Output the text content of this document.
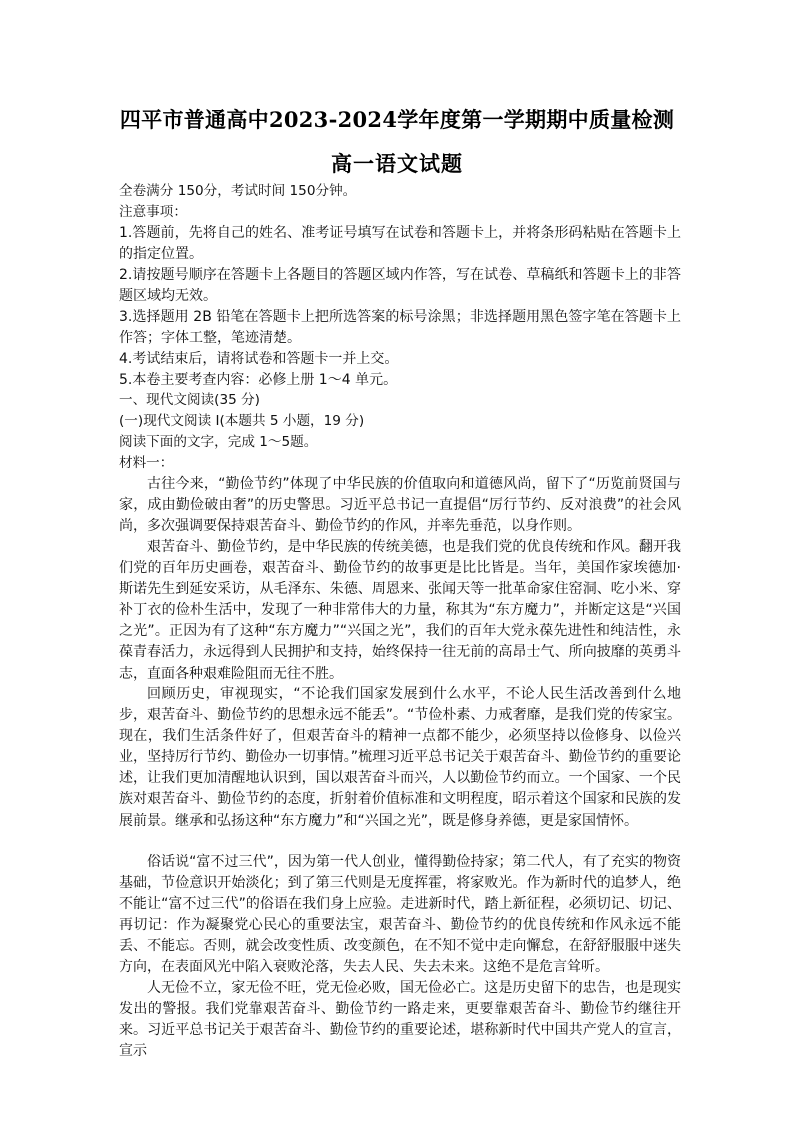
四平市普通高中2023-2024学年度第一学期期中质量检测
高一语文试题
全卷满分 150分，考试时间 150分钟。
注意事项：
1.答题前，先将自己的姓名、准考证号填写在试卷和答题卡上，并将条形码粘贴在答题卡上的指定位置。
2.请按题号顺序在答题卡上各题目的答题区域内作答，写在试卷、草稿纸和答题卡上的非答题区域均无效。
3.选择题用 2B 铅笔在答题卡上把所选答案的标号涂黑；非选择题用黑色签字笔在答题卡上作答；字体工整，笔迹清楚。
4.考试结束后，请将试卷和答题卡一并上交。
5.本卷主要考查内容：必修上册 1～4 单元。
一、现代文阅读(35 分)
(一)现代文阅读 I(本题共 5 小题，19 分)
阅读下面的文字，完成 1～5题。
材料一：
古往今来，“勤俭节约”体现了中华民族的价值取向和道德风尚，留下了“历览前贤国与家，成由勤俭破由奢”的历史警思。习近平总书记一直提倡“厉行节约、反对浪费”的社会风尚，多次强调要保持艰苦奋斗、勤俭节约的作风，并率先垂范，以身作则。
艰苦奋斗、勤俭节约，是中华民族的传统美德，也是我们党的优良传统和作风。翻开我们党的百年历史画卷，艰苦奋斗、勤俭节约的故事更是比比皆是。当年，美国作家埃德加·斯诺先生到延安采访，从毛泽东、朱德、周恩来、张闻天等一批革命家住窑洞、吃小米、穿补丁衣的俭朴生活中，发现了一种非常伟大的力量，称其为“东方魔力”，并断定这是“兴国之光”。正因为有了这种“东方魔力”“兴国之光”，我们的百年大党永葆先进性和纯洁性，永葆青春活力，永远得到人民拥护和支持，始终保持一往无前的高昂士气、所向披靡的英勇斗志，直面各种艰难险阻而无往不胜。
回顾历史，审视现实，“不论我们国家发展到什么水平，不论人民生活改善到什么地步，艰苦奋斗、勤俭节约的思想永远不能丢”。“节俭朴素、力戒奢靡，是我们党的传家宝。现在，我们生活条件好了，但艰苦奋斗的精神一点都不能少，必须坚持以俭修身、以俭兴业，坚持厉行节约、勤俭办一切事情。”梳理习近平总书记关于艰苦奋斗、勤俭节约的重要论述，让我们更加清醒地认识到，国以艰苦奋斗而兴，人以勤俭节约而立。一个国家、一个民族对艰苦奋斗、勤俭节约的态度，折射着价值标准和文明程度，昭示着这个国家和民族的发展前景。继承和弘扬这种“东方魔力”和“兴国之光”，既是修身养德，更是家国情怀。
俗话说“富不过三代”，因为第一代人创业，懂得勤俭持家；第二代人，有了充实的物资基础，节俭意识开始淡化；到了第三代则是无度挥霍，将家败光。作为新时代的追梦人，绝不能让“富不过三代”的俗语在我们身上应验。走进新时代，踏上新征程，必须切记、切记、再切记：作为凝聚党心民心的重要法宝，艰苦奋斗、勤俭节约的优良传统和作风永远不能丢、不能忘。否则，就会改变性质、改变颜色，在不知不觉中走向懈怠，在舒舒服服中迷失方向，在表面风光中陷入衰败沦落，失去人民、失去未来。这绝不是危言耸听。
人无俭不立，家无俭不旺，党无俭必败，国无俭必亡。这是历史留下的忠告，也是现实发出的警报。我们党靠艰苦奋斗、勤俭节约一路走来，更要靠艰苦奋斗、勤俭节约继往开来。习近平总书记关于艰苦奋斗、勤俭节约的重要论述，堪称新时代中国共产党人的宣言，宣示
